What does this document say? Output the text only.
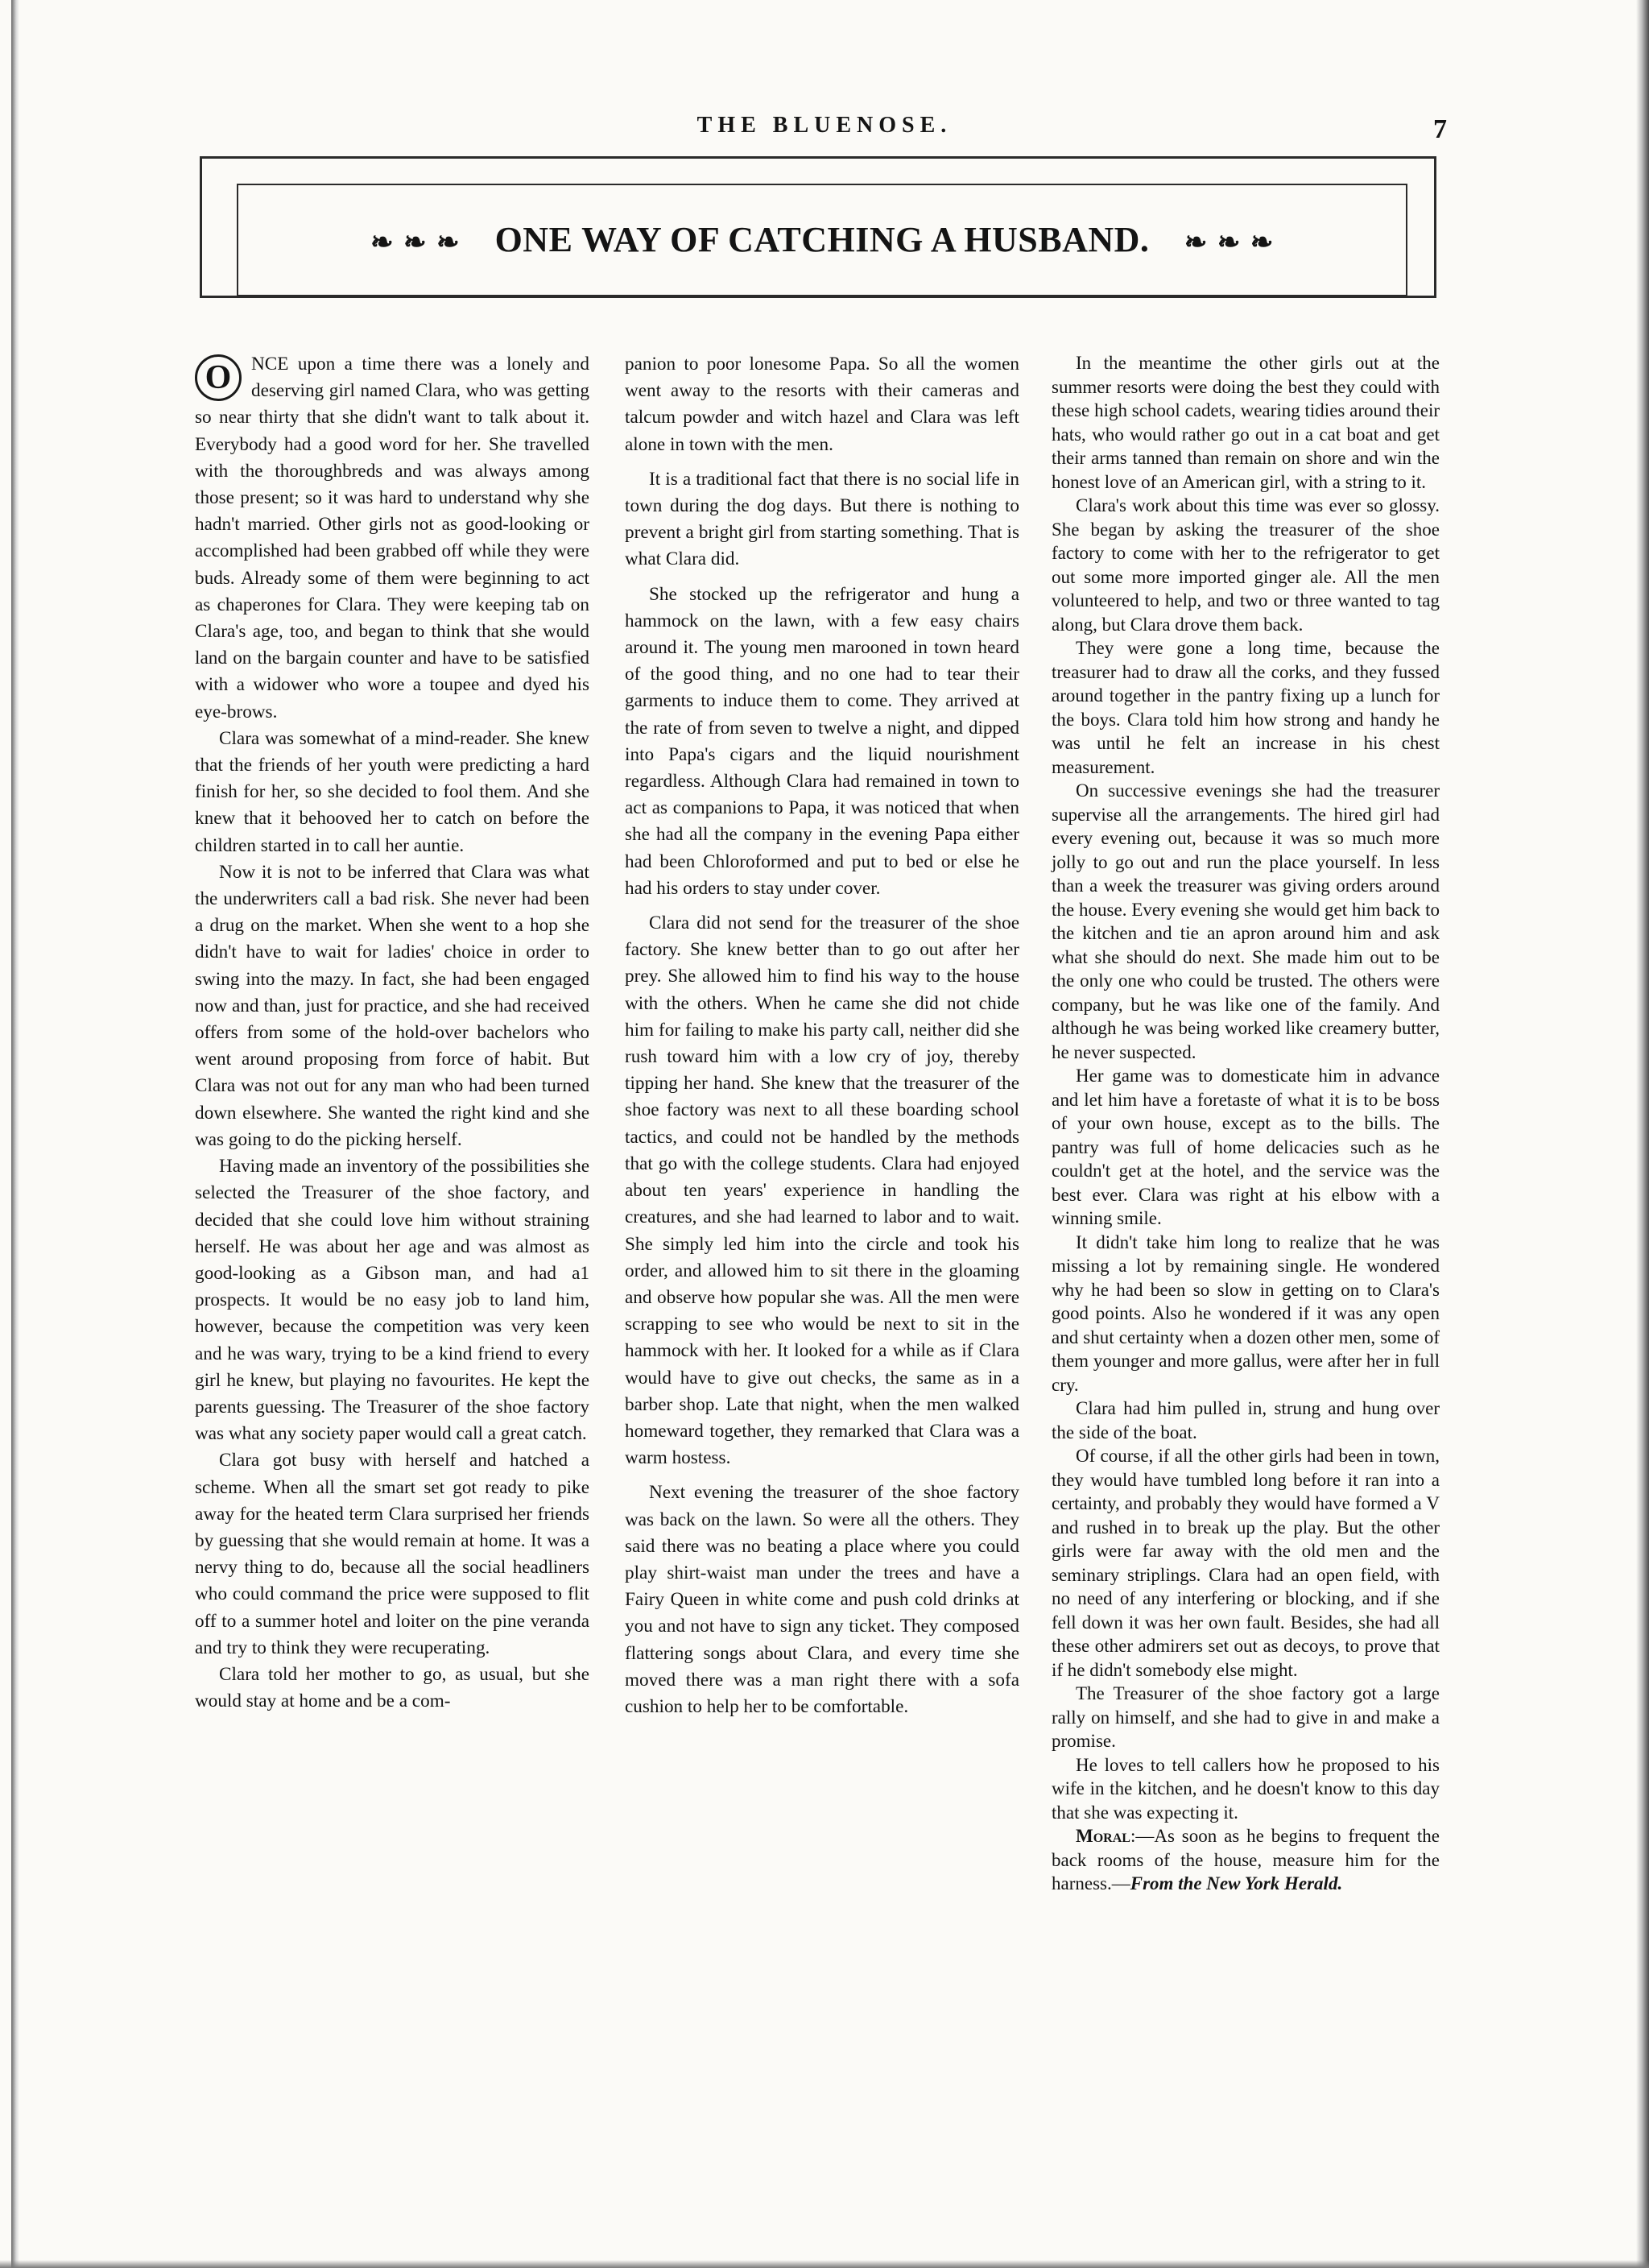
THE BLUENOSE.	7
❧ ❧ ❧ ONE WAY OF CATCHING A HUSBAND. ❧ ❧ ❧

O	NCE upon a time there was a lonely and deserving girl named Clara, who was getting so near thirty that she didn't want to talk about it. Everybody had a good word for her. She travelled with the thoroughbreds and was always among those present; so it was hard to understand why she hadn't married. Other girls not as good-looking or accomplished had been grabbed off while they were buds. Already some of them were beginning to act as chaperones for Clara. They were keeping tab on Clara's age, too, and began to think that she would land on the bargain counter and have to be satisfied with a widower who wore a toupee and dyed his eye-brows.

Clara was somewhat of a mind-reader. She knew that the friends of her youth were predicting a hard finish for her, so she decided to fool them. And she knew that it behooved her to catch on before the children started in to call her auntie.

Now it is not to be inferred that Clara was what the underwriters call a bad risk. She never had been a drug on the market. When she went to a hop she didn't have to wait for ladies' choice in order to swing into the mazy. In fact, she had been engaged now and than, just for practice, and she had received offers from some of the hold-over bachelors who went around proposing from force of habit. But Clara was not out for any man who had been turned down elsewhere. She wanted the right kind and she was going to do the picking herself.

Having made an inventory of the possibilities she selected the Treasurer of the shoe factory, and decided that she could love him without straining herself. He was about her age and was almost as good-looking as a Gibson man, and had a1 prospects. It would be no easy job to land him, however, because the competition was very keen and he was wary, trying to be a kind friend to every girl he knew, but playing no favourites. He kept the parents guessing. The Treasurer of the shoe factory was what any society paper would call a great catch.

Clara got busy with herself and hatched a scheme. When all the smart set got ready to pike away for the heated term Clara surprised her friends by guessing that she would remain at home. It was a nervy thing to do, because all the social headliners who could command the price were supposed to flit off to a summer hotel and loiter on the pine veranda and try to think they were recuperating.

Clara told her mother to go, as usual, but she would stay at home and be a com-

panion to poor lonesome Papa. So all the women went away to the resorts with their cameras and talcum powder and witch hazel and Clara was left alone in town with the men.

It is a traditional fact that there is no social life in town during the dog days. But there is nothing to prevent a bright girl from starting something. That is what Clara did.

She stocked up the refrigerator and hung a hammock on the lawn, with a few easy chairs around it. The young men marooned in town heard of the good thing, and no one had to tear their garments to induce them to come. They arrived at the rate of from seven to twelve a night, and dipped into Papa's cigars and the liquid nourishment regardless. Although Clara had remained in town to act as companions to Papa, it was noticed that when she had all the company in the evening Papa either had been Chloroformed and put to bed or else he had his orders to stay under cover.

Clara did not send for the treasurer of the shoe factory. She knew better than to go out after her prey. She allowed him to find his way to the house with the others. When he came she did not chide him for failing to make his party call, neither did she rush toward him with a low cry of joy, thereby tipping her hand. She knew that the treasurer of the shoe factory was next to all these boarding school tactics, and could not be handled by the methods that go with the college students. Clara had enjoyed about ten years' experience in handling the creatures, and she had learned to labor and to wait. She simply led him into the circle and took his order, and allowed him to sit there in the gloaming and observe how popular she was. All the men were scrapping to see who would be next to sit in the hammock with her. It looked for a while as if Clara would have to give out checks, the same as in a barber shop. Late that night, when the men walked homeward together, they remarked that Clara was a warm hostess.

Next evening the treasurer of the shoe factory was back on the lawn. So were all the others. They said there was no beating a place where you could play shirt-waist man under the trees and have a Fairy Queen in white come and push cold drinks at you and not have to sign any ticket. They composed flattering songs about Clara, and every time she moved there was a man right there with a sofa cushion to help her to be comfortable.

In the meantime the other girls out at the summer resorts were doing the best they could with these high school cadets, wearing tidies around their hats, who would rather go out in a cat boat and get their arms tanned than remain on shore and win the honest love of an American girl, with a string to it.

Clara's work about this time was ever so glossy. She began by asking the treasurer of the shoe factory to come with her to the refrigerator to get out some more imported ginger ale. All the men volunteered to help, and two or three wanted to tag along, but Clara drove them back.

They were gone a long time, because the treasurer had to draw all the corks, and they fussed around together in the pantry fixing up a lunch for the boys. Clara told him how strong and handy he was until he felt an increase in his chest measurement.

On successive evenings she had the treasurer supervise all the arrangements. The hired girl had every evening out, because it was so much more jolly to go out and run the place yourself. In less than a week the treasurer was giving orders around the house. Every evening she would get him back to the kitchen and tie an apron around him and ask what she should do next. She made him out to be the only one who could be trusted. The others were company, but he was like one of the family. And although he was being worked like creamery butter, he never suspected.

Her game was to domesticate him in advance and let him have a foretaste of what it is to be boss of your own house, except as to the bills. The pantry was full of home delicacies such as he couldn't get at the hotel, and the service was the best ever. Clara was right at his elbow with a winning smile.

It didn't take him long to realize that he was missing a lot by remaining single. He wondered why he had been so slow in getting on to Clara's good points. Also he wondered if it was any open and shut certainty when a dozen other men, some of them younger and more gallus, were after her in full cry.

Clara had him pulled in, strung and hung over the side of the boat.

Of course, if all the other girls had been in town, they would have tumbled long before it ran into a certainty, and probably they would have formed a V and rushed in to break up the play. But the other girls were far away with the old men and the seminary striplings. Clara had an open field, with no need of any interfering or blocking, and if she fell down it was her own fault. Besides, she had all these other admirers set out as decoys, to prove that if he didn't somebody else might.

The Treasurer of the shoe factory got a large rally on himself, and she had to give in and make a promise.

He loves to tell callers how he proposed to his wife in the kitchen, and he doesn't know to this day that she was expecting it.

Moral:—As soon as he begins to frequent the back rooms of the house, measure him for the harness.—From the New York Herald.
